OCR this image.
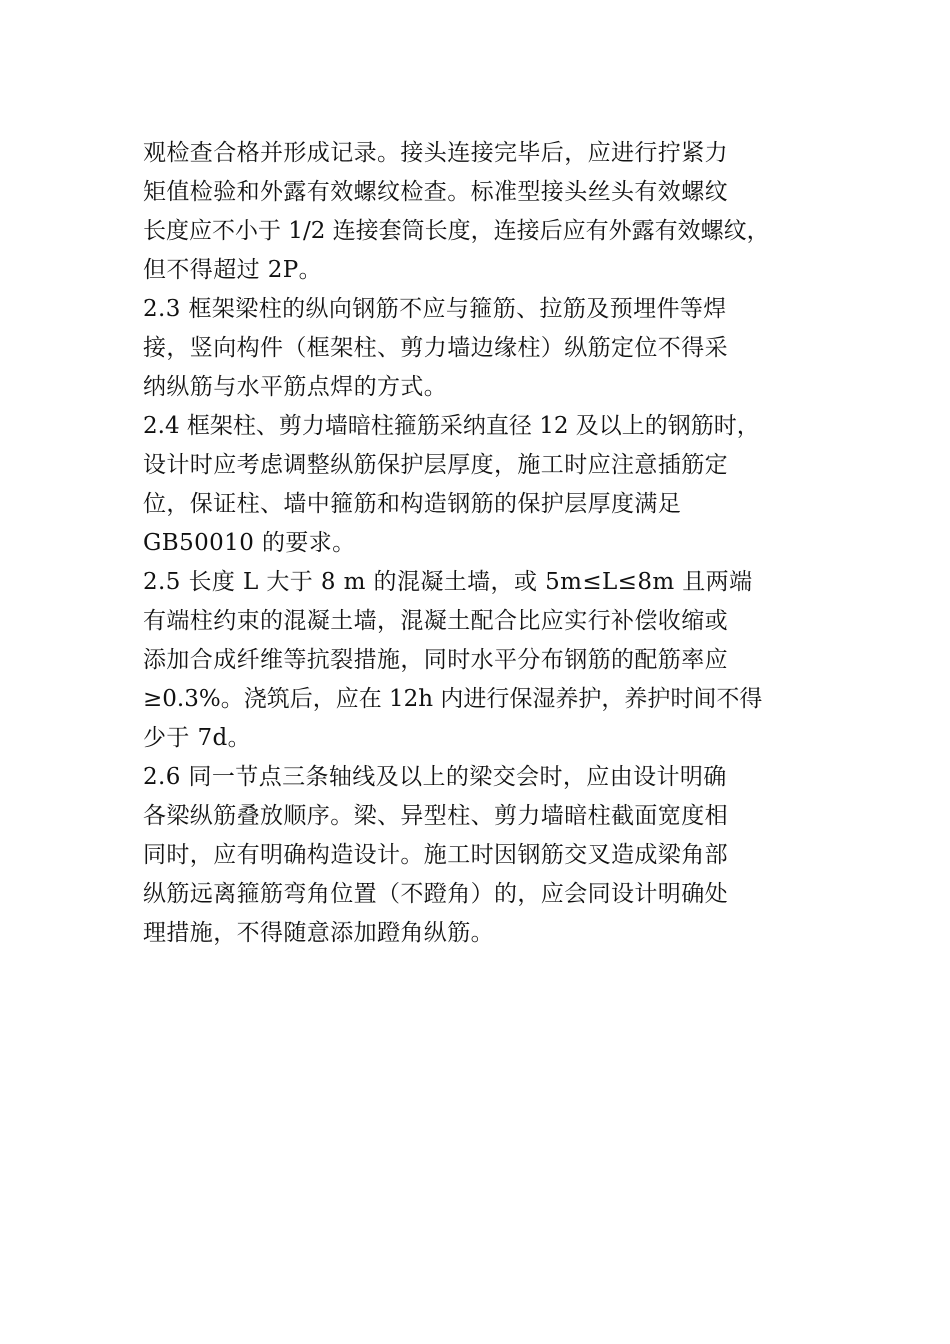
观检查合格并形成记录。接头连接完毕后，应进行拧紧力
矩值检验和外露有效螺纹检查。标准型接头丝头有效螺纹
长度应不小于 1/2 连接套筒长度，连接后应有外露有效螺纹，
但不得超过 2P。
2.3 框架梁柱的纵向钢筋不应与箍筋、拉筋及预埋件等焊
接，竖向构件（框架柱、剪力墙边缘柱）纵筋定位不得采
纳纵筋与水平筋点焊的方式。
2.4 框架柱、剪力墙暗柱箍筋采纳直径 12 及以上的钢筋时，
设计时应考虑调整纵筋保护层厚度，施工时应注意插筋定
位，保证柱、墙中箍筋和构造钢筋的保护层厚度满足
GB50010 的要求。
2.5 长度 L 大于 8 m 的混凝土墙，或 5m≤L≤8m 且两端
有端柱约束的混凝土墙，混凝土配合比应实行补偿收缩或
添加合成纤维等抗裂措施，同时水平分布钢筋的配筋率应
≥0.3%。浇筑后，应在 12h 内进行保湿养护，养护时间不得
少于 7d。
2.6 同一节点三条轴线及以上的梁交会时，应由设计明确
各梁纵筋叠放顺序。梁、异型柱、剪力墙暗柱截面宽度相
同时，应有明确构造设计。施工时因钢筋交叉造成梁角部
纵筋远离箍筋弯角位置（不蹬角）的，应会同设计明确处
理措施，不得随意添加蹬角纵筋。
